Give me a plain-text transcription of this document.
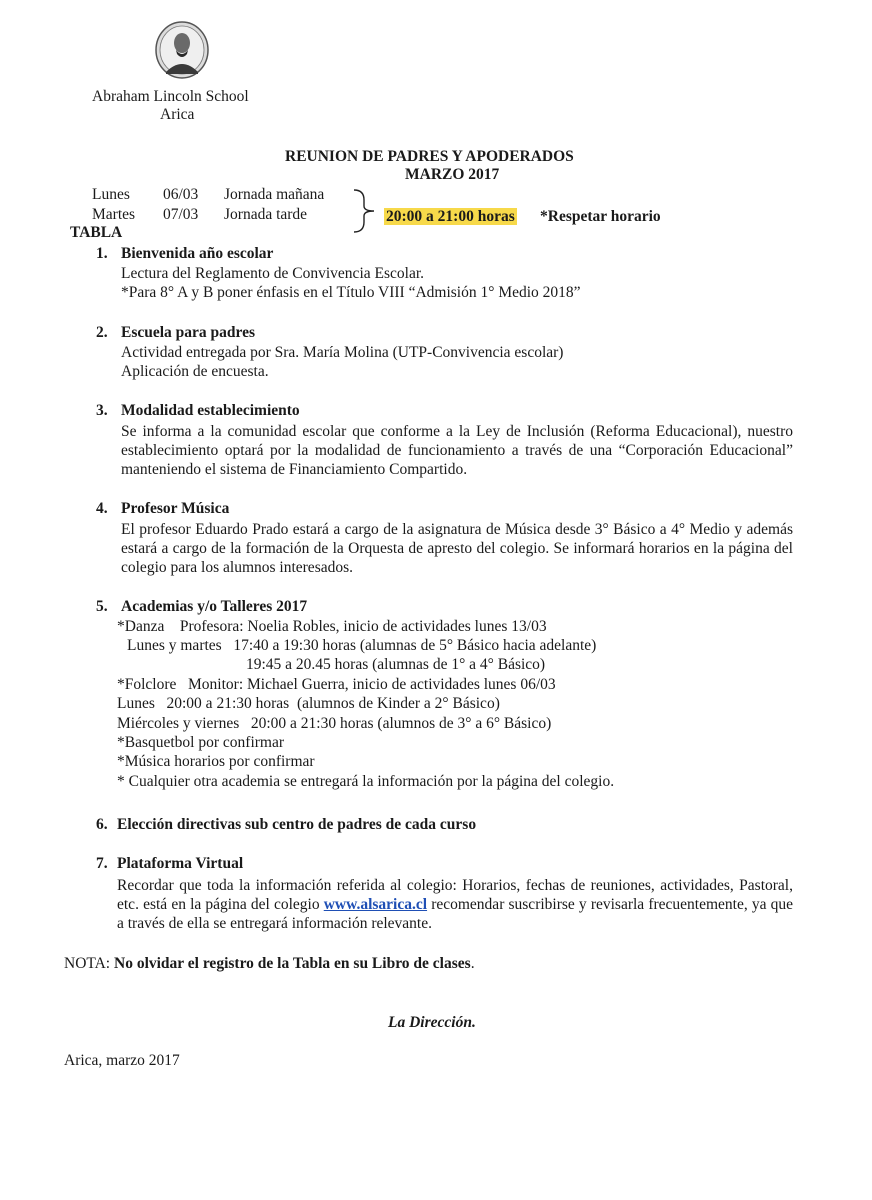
Abraham Lincoln School
Arica
REUNION DE PADRES Y APODERADOS
MARZO 2017
Lunes 06/03 Jornada mañana
Martes 07/03 Jornada tarde	20:00 a 21:00 horas *Respetar horario
TABLA
1. Bienvenida año escolar
Lectura del Reglamento de Convivencia Escolar.
*Para 8° A y B poner énfasis en el Título VIII “Admisión 1° Medio 2018”
2. Escuela para padres
Actividad entregada por Sra. María Molina (UTP-Convivencia escolar)
Aplicación de encuesta.
3. Modalidad establecimiento
Se informa a la comunidad escolar que conforme a la Ley de Inclusión (Reforma Educacional), nuestro establecimiento optará por la modalidad de funcionamiento a través de una “Corporación Educacional” manteniendo el sistema de Financiamiento Compartido.
4. Profesor Música
El profesor Eduardo Prado estará a cargo de la asignatura de Música desde 3° Básico a 4° Medio y además estará a cargo de la formación de la Orquesta de apresto del colegio. Se informará horarios en la página del colegio para los alumnos interesados.
5. Academias y/o Talleres 2017
*Danza    Profesora: Noelia Robles, inicio de actividades lunes 13/03
Lunes y martes   17:40 a 19:30 horas (alumnas de 5° Básico hacia adelante)
19:45 a 20.45 horas (alumnas de 1° a 4° Básico)
*Folclore   Monitor: Michael Guerra, inicio de actividades lunes 06/03
Lunes   20:00 a 21:30 horas  (alumnos de Kinder a 2° Básico)
Miércoles y viernes   20:00 a 21:30 horas (alumnos de 3° a 6° Básico)
*Basquetbol por confirmar
*Música horarios por confirmar
* Cualquier otra academia se entregará la información por la página del colegio.
6. Elección directivas sub centro de padres de cada curso
7. Plataforma Virtual
Recordar que toda la información referida al colegio: Horarios, fechas de reuniones, actividades, Pastoral, etc. está en la página del colegio www.alsarica.cl recomendar suscribirse y revisarla frecuentemente, ya que a través de ella se entregará información relevante.
NOTA: No olvidar el registro de la Tabla en su Libro de clases.
La Dirección.
Arica, marzo 2017
